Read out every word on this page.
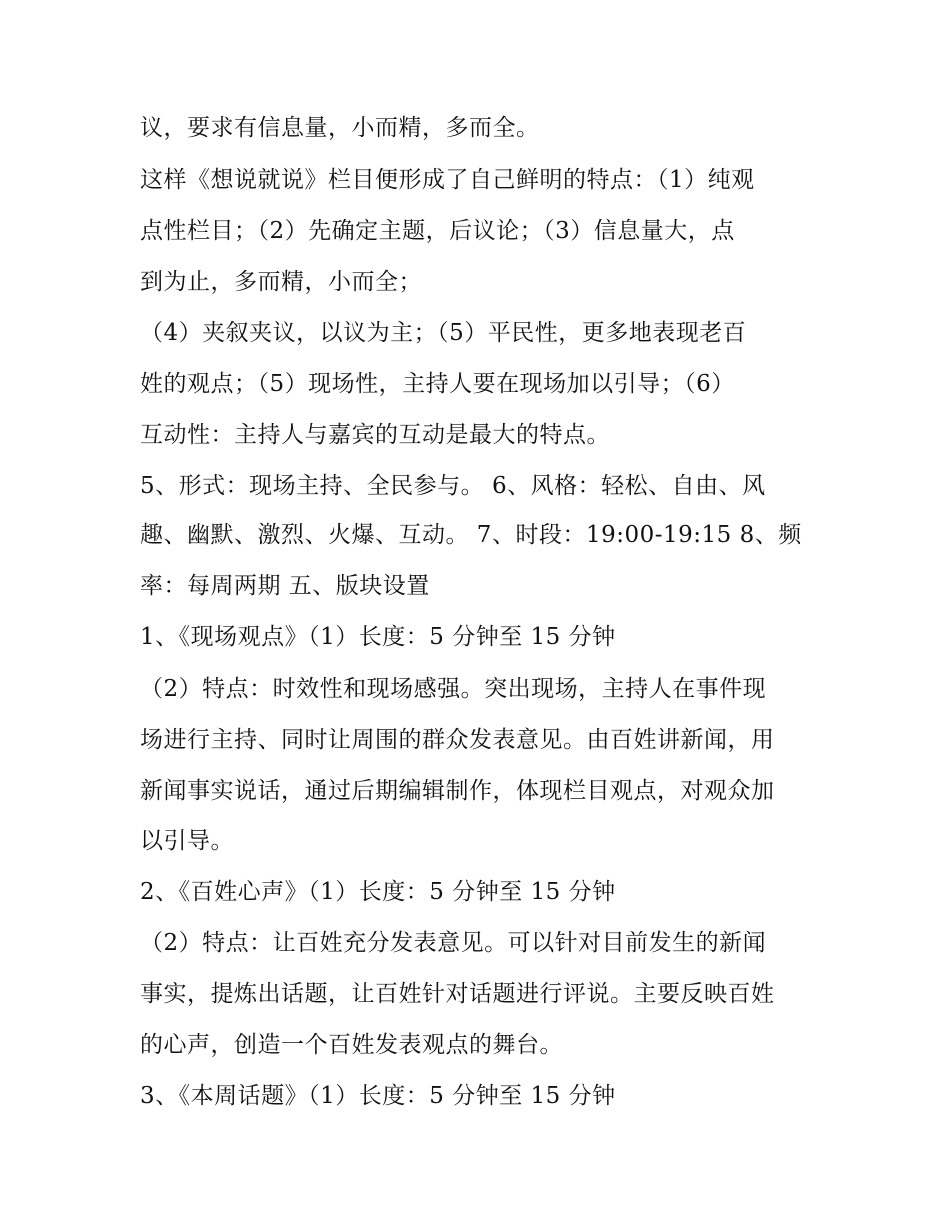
议，要求有信息量，小而精，多而全。
这样《想说就说》栏目便形成了自己鲜明的特点：（1）纯观
点性栏目；（2）先确定主题，后议论；（3）信息量大，点
到为止，多而精，小而全；
（4）夹叙夹议，以议为主；（5）平民性，更多地表现老百
姓的观点；（5）现场性，主持人要在现场加以引导；（6）
互动性：主持人与嘉宾的互动是最大的特点。
5、形式：现场主持、全民参与。 6、风格：轻松、自由、风
趣、幽默、激烈、火爆、互动。 7、时段：19:00-19:15 8、频
率：每周两期 五、版块设置
1、《现场观点》（1）长度：5 分钟至 15 分钟
（2）特点：时效性和现场感强。突出现场，主持人在事件现
场进行主持、同时让周围的群众发表意见。由百姓讲新闻，用
新闻事实说话，通过后期编辑制作，体现栏目观点，对观众加
以引导。
2、《百姓心声》（1）长度：5 分钟至 15 分钟
（2）特点：让百姓充分发表意见。可以针对目前发生的新闻
事实，提炼出话题，让百姓针对话题进行评说。主要反映百姓
的心声，创造一个百姓发表观点的舞台。
3、《本周话题》（1）长度：5 分钟至 15 分钟
